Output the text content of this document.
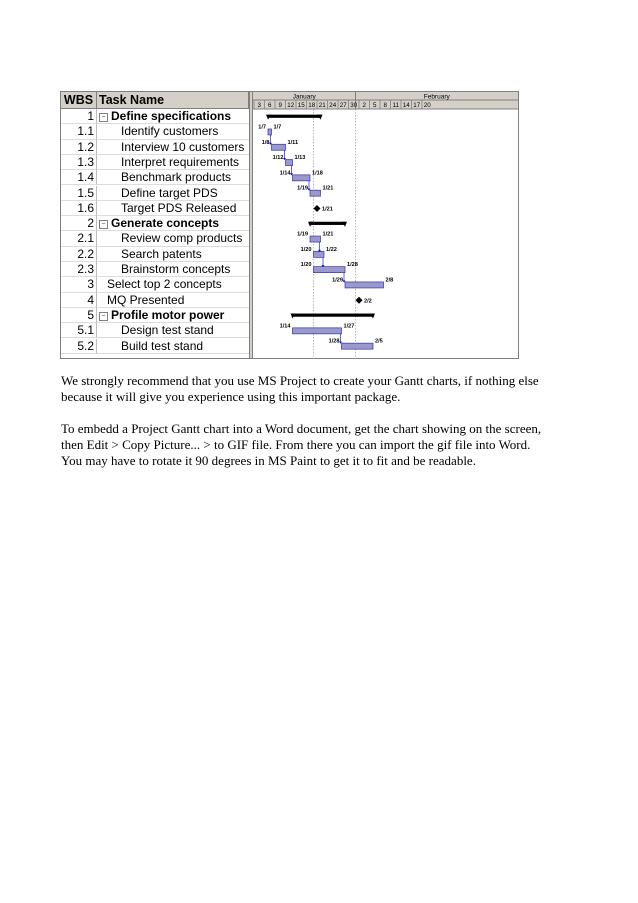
WBS Task Name
1	− Define specifications
1.1	Identify customers
1.2	Interview 10 customers
1.3	Interpret requirements
1.4	Benchmark products
1.5	Define target PDS
1.6	Target PDS Released
2	− Generate concepts
2.1	Review comp products
2.2	Search patents
2.3	Brainstorm concepts
3	Select top 2 concepts
4	MQ Presented
5	− Profile motor power
5.1	Design test stand
5.2	Build test stand
January	February
3 6 9 12 15 18 21 24 27 30 2 5 8 11 14 17 20
1/7 1/7
1/8	1/11
1/12 1/13
1/14	1/18
1/19	1/21
1/21
1/19	1/21
1/20	1/22
1/20	1/28
1/29	2/8
2/2
1/14	1/27
1/28	2/5

We strongly recommend that you use MS Project to create your Gantt charts, if nothing else because it will give you experience using this important package.

To embedd a Project Gantt chart into a Word document, get the chart showing on the screen, then Edit > Copy Picture... > to GIF file. From there you can import the gif file into Word. You may have to rotate it 90 degrees in MS Paint to get it to fit and be readable.
